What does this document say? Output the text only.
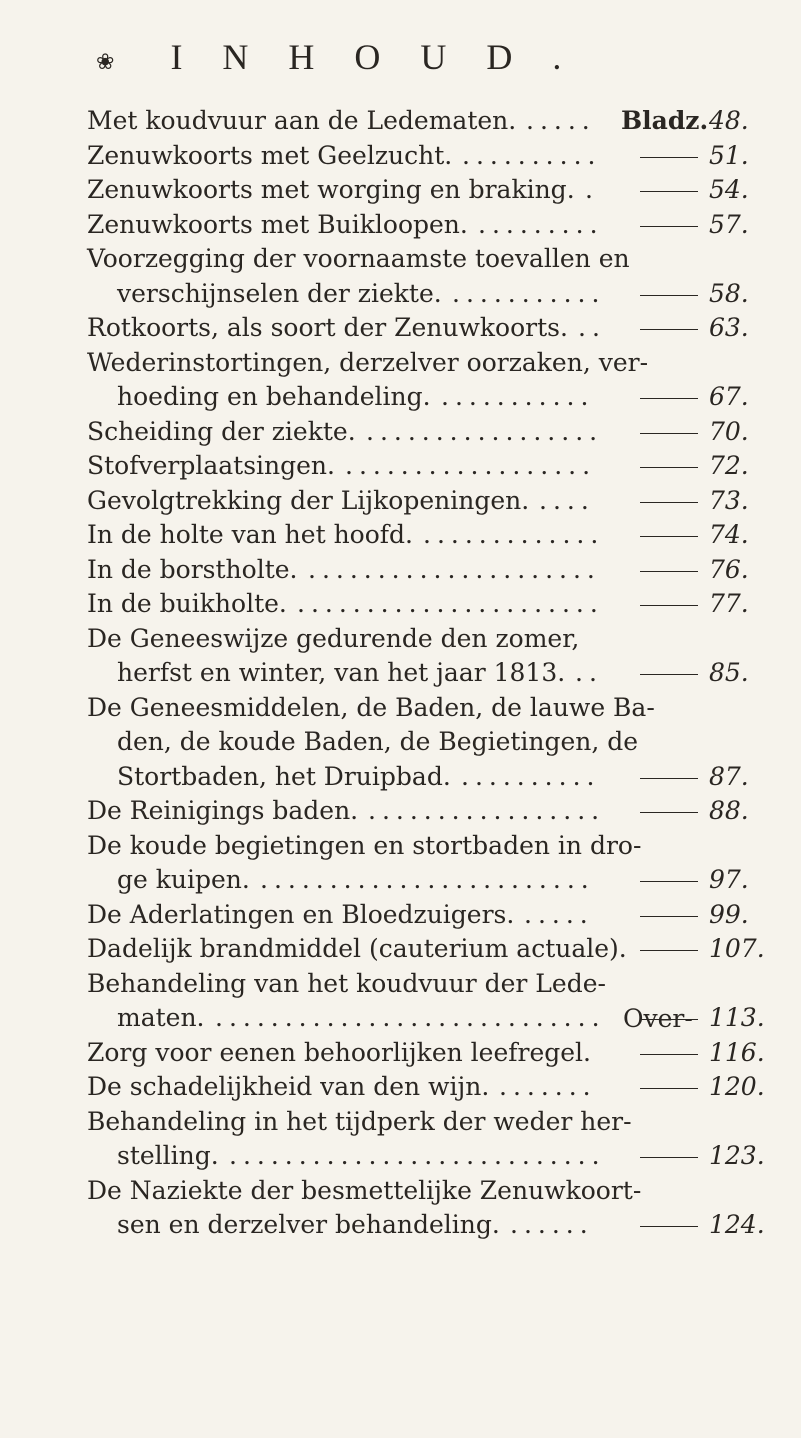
❀ INHOUD.
Met koudvuur aan de Ledematen.	Bladz. 48.
.....
Zenuwkoorts met Geelzucht.	51.
..........
Zenuwkoorts met worging en braking.	54.
.
Zenuwkoorts met Buikloopen.	57.
.........
Voorzegging der voornaamste toevallen en
verschijnselen der ziekte.	58.
...........
Rotkoorts, als soort der Zenuwkoorts.	63.
..
Wederinstortingen, derzelver oorzaken, ver-
hoeding en behandeling.	67.
...........
Scheiding der ziekte.	70.
.................
Stofverplaatsingen.	72.
..................
Gevolgtrekking der Lijkopeningen.	73.
....
In de holte van het hoofd.	74.
.............
In de borstholte.	76.
.....................
In de buikholte.	77.
......................
De Geneeswijze gedurende den zomer,
herfst en winter, van het jaar 1813.	85.
..
De Geneesmiddelen, de Baden, de lauwe Ba-
den, de koude Baden, de Begietingen, de
Stortbaden, het Druipbad.	87.
..........
De Reinigings baden.	88.
.................
De koude begietingen en stortbaden in dro-
ge kuipen.	97.
........................
De Aderlatingen en Bloedzuigers.	99.
.....
Dadelijk brandmiddel (cauterium actuale).	107.
Behandeling van het koudvuur der Lede-
maten.	113.
............................
Zorg voor eenen behoorlijken leefregel.	116.
De schadelijkheid van den wijn.	120.
.......
Behandeling in het tijdperk der weder her-
stelling.	123.
...........................
De Naziekte der besmettelijke Zenuwkoort-
sen en derzelver behandeling.	124.
......
Over-
